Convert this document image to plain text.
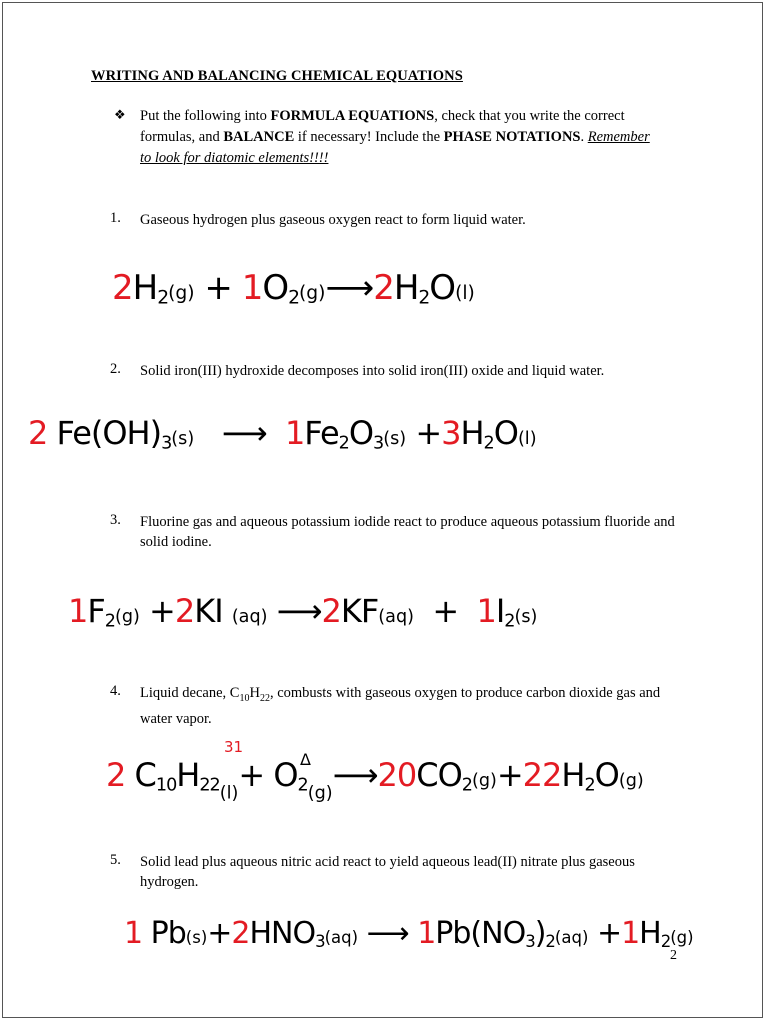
WRITING AND BALANCING CHEMICAL EQUATIONS
❖ Put the following into FORMULA EQUATIONS, check that you write the correct formulas, and BALANCE if necessary! Include the PHASE NOTATIONS. Remember to look for diatomic elements!!!!
1. Gaseous hydrogen plus gaseous oxygen react to form liquid water.
$2H_2(g)$ + $1O_2(g)⟶2H_2O(l)$
2. Solid iron(III) hydroxide decomposes into solid iron(III) oxide and liquid water.
2 $Fe(OH)_3(s)$ ⟶ $1Fe_2O_3(s) +3H_2O(l)$
3. Fluorine gas and aqueous potassium iodide react to produce aqueous potassium fluoride and solid iodine.
$1F_2(g) +2KI$ (aq) ⟶2KF(aq) + $1I_2(s)$
4. Liquid decane, $C_{10}H_{22}$, combusts with gaseous oxygen to produce carbon dioxide gas and water vapor.
31
Δ
2 $C_{10}H_{22(l)}+$ $O_{2(g)}⟶20CO_2(g)+22H_2O(g)$
5. Solid lead plus aqueous nitric acid react to yield aqueous lead(II) nitrate plus gaseous hydrogen.
1 $Pb(s)+2HNO_3(aq)$ ⟶ $1Pb(NO_3)_2(aq) +1H_2(g)$
2
